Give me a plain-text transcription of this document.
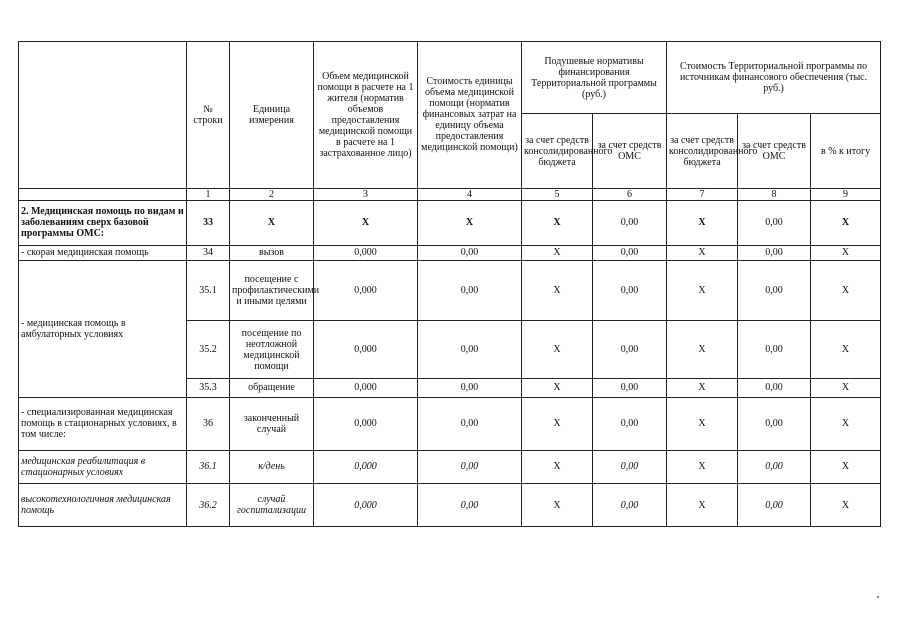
	№ строки	Единица измерения	Объем медицинской помощи в расчете на 1 жителя (норматив объемов предоставления медицинской помощи в расчете на 1 застрахованное лицо)	Стоимость единицы объема медицинской помощи (норматив финансовых затрат на единицу объема предоставления медицинской помощи)	Подушевые нормативы финансирования Территориальной программы (руб.)		Стоимость Территориальной программы по источникам финансового обеспечения (тыс. руб.)		
					за счет средств консолидированного бюджета	за счет средств ОМС	за счет средств консолидированного бюджета	за счет средств ОМС	в % к итогу
	1	2	3	4	5	6	7	8	9
2. Медицинская помощь по видам и заболеваниям сверх базовой программы ОМС:	33	Х	Х	Х	Х	0,00	Х	0,00	Х
- скорая медицинская помощь	34	вызов	0,000	0,00	Х	0,00	Х	0,00	Х
- медицинская помощь в амбулаторных условиях	35.1	посещение с профилактическими и иными целями	0,000	0,00	Х	0,00	Х	0,00	Х
	35.2	посещение по неотложной медицинской помощи	0,000	0,00	Х	0,00	Х	0,00	Х
	35.3	обращение	0,000	0,00	Х	0,00	Х	0,00	Х
- специализированная медицинская помощь в стационарных условиях, в том числе:	36	законченный случай	0,000	0,00	Х	0,00	Х	0,00	Х
медицинская реабилитация в стационарных условиях	36.1	к/день	0,000	0,00	Х	0,00	Х	0,00	Х
высокотехнологичная медицинская помощь	36.2	случай госпитализации	0,000	0,00	Х	0,00	Х	0,00	Х
